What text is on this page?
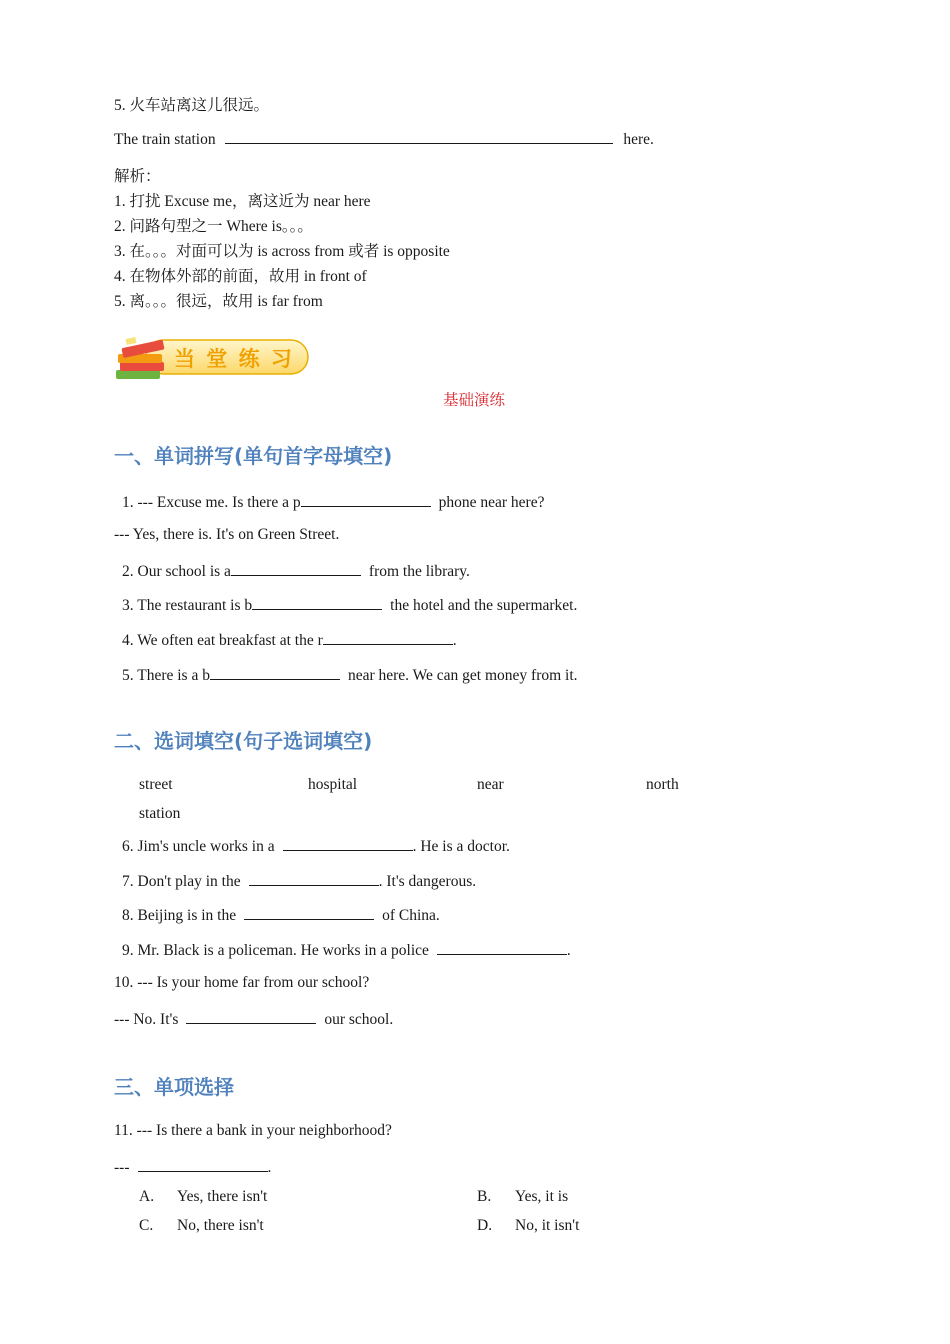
5. 火车站离这儿很远。
The train station	here.
解析：
1. 打扰 Excuse me，离这近为 near here
2. 问路句型之一 Where is。。。
3. 在。。。对面可以为 is across from 或者 is opposite
4. 在物体外部的前面，故用 in front of
5. 离。。。很远，故用 is far from
当 堂 练 习
基础演练
一、单词拼写(单句首字母填空)
1. --- Excuse me. Is there a p	phone near here?
--- Yes, there is. It's on Green Street.
2. Our school is a	from the library.
3. The restaurant is b	the hotel and the supermarket.
4. We often eat breakfast at the r	.
5. There is a b	near here. We can get money from it.
二、选词填空(句子选词填空)
street	hospital	near	north
station
6. Jim's uncle works in a	. He is a doctor.
7. Don't play in the	. It's dangerous.
8. Beijing is in the	of China.
9. Mr. Black is a policeman. He works in a police	.
10. --- Is your home far from our school?
--- No. It's	our school.
三、单项选择
11. --- Is there a bank in your neighborhood?
---	.
A. Yes, there isn't	B. Yes, it is
C. No, there isn't	D. No, it isn't
